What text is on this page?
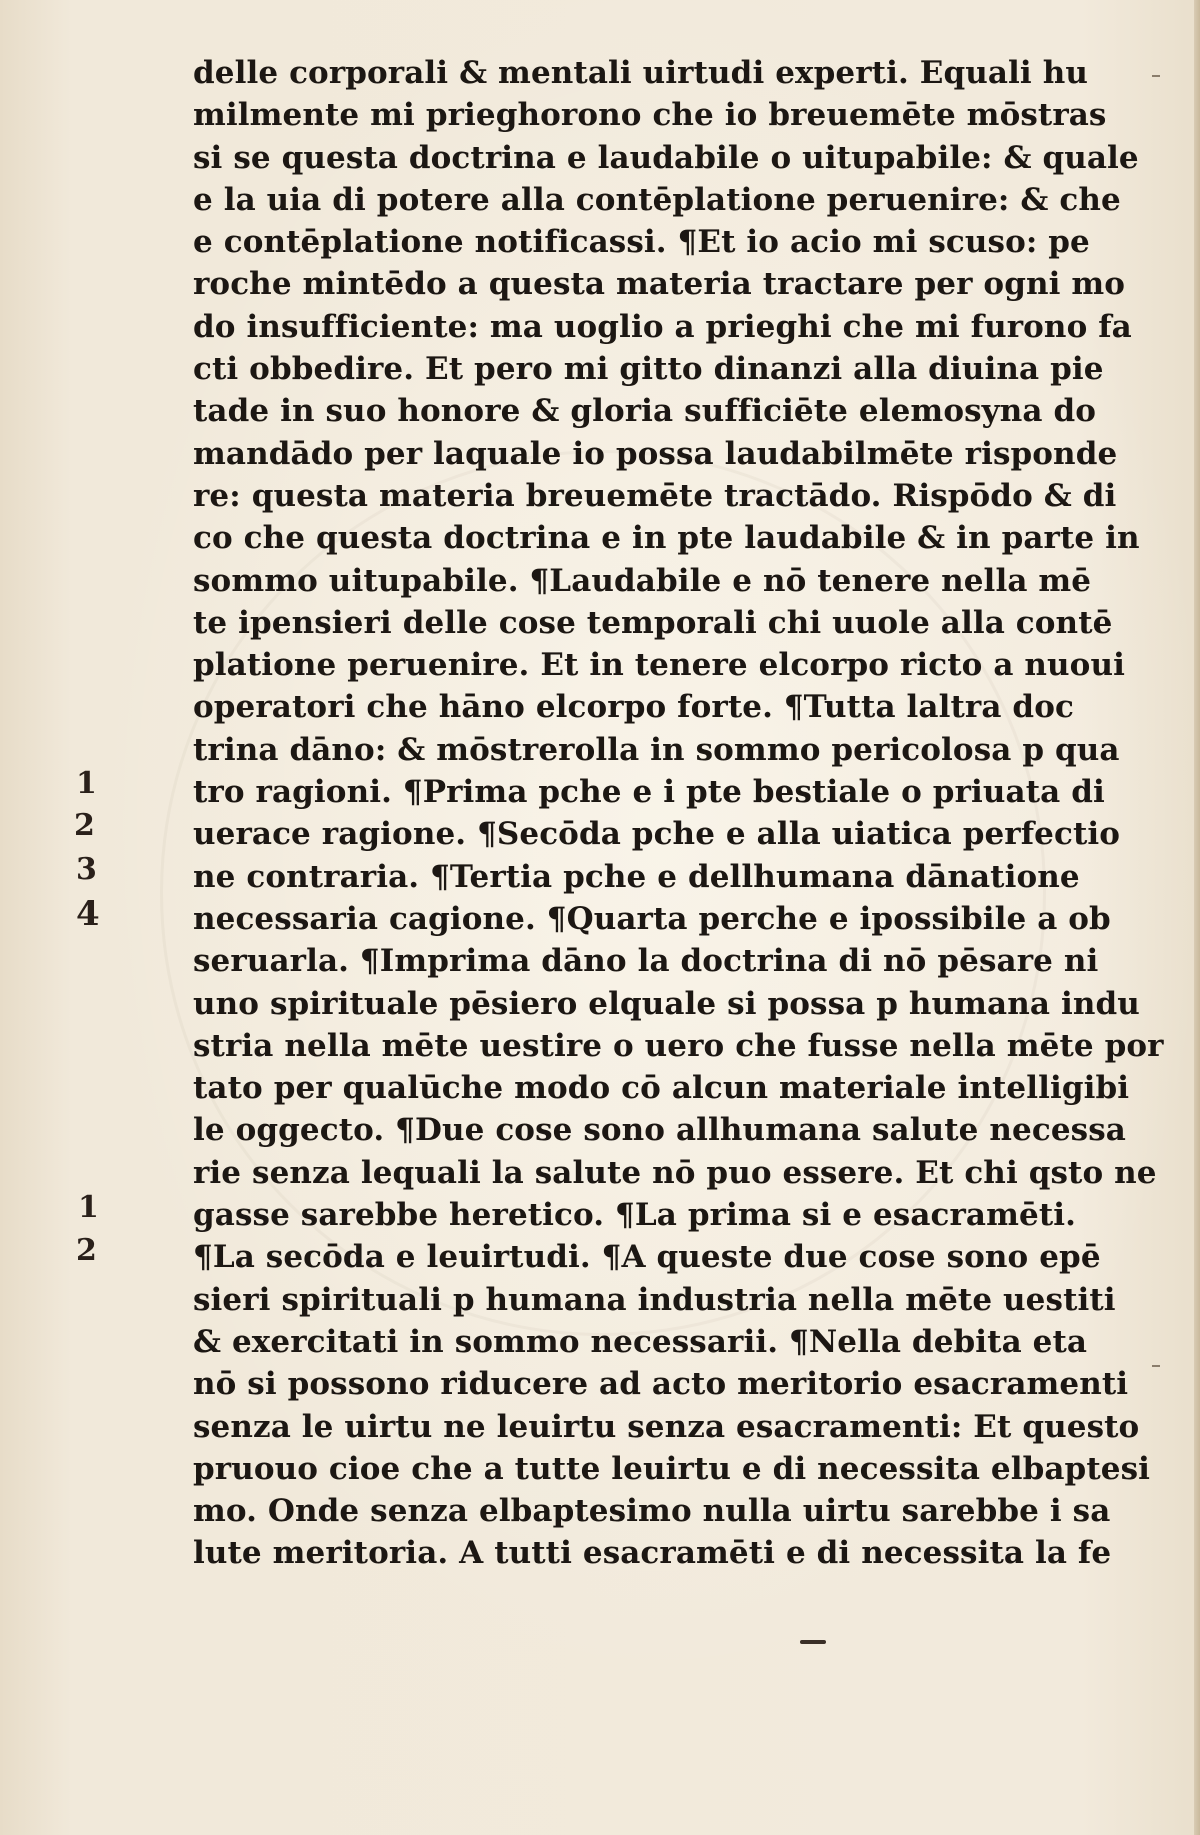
delle corporali & mentali uirtudi experti. Equali hu
milmente mi prieghorono che io breuemēte mōstras
si se questa doctrina e laudabile o uitupabile: & quale
e la uia di potere alla contēplatione peruenire: & che
e contēplatione notificassi. ¶Et io acio mi scuso: pe
roche mintēdo a questa materia tractare per ogni mo
do insufficiente: ma uoglio a prieghi che mi furono fa
cti obbedire. Et pero mi gitto dinanzi alla diuina pie
tade in suo honore & gloria sufficiēte elemosyna do
mandādo per laquale io possa laudabilmēte risponde
re: questa materia breuemēte tractādo. Rispōdo & di
co che questa doctrina e in pte laudabile & in parte in
sommo uitupabile. ¶Laudabile e nō tenere nella mē
te ipensieri delle cose temporali chi uuole alla contē
platione peruenire. Et in tenere elcorpo ricto a nuoui
operatori che hāno elcorpo forte. ¶Tutta laltra doc
trina dāno: & mōstrerolla in sommo pericolosa p qua
tro ragioni. ¶Prima pche e i pte bestiale o priuata di
uerace ragione. ¶Secōda pche e alla uiatica perfectio
ne contraria. ¶Tertia pche e dellhumana dānatione
necessaria cagione. ¶Quarta perche e ipossibile a ob
seruarla. ¶Imprima dāno la doctrina di nō pēsare ni
uno spirituale pēsiero elquale si possa p humana indu
stria nella mēte uestire o uero che fusse nella mēte por
tato per qualūche modo cō alcun materiale intelligibi
le oggecto. ¶Due cose sono allhumana salute necessa
rie senza lequali la salute nō puo essere. Et chi qsto ne
gasse sarebbe heretico. ¶La prima si e esacramēti.
¶La secōda e leuirtudi. ¶A queste due cose sono epē
sieri spirituali p humana industria nella mēte uestiti
& exercitati in sommo necessarii. ¶Nella debita eta
nō si possono riducere ad acto meritorio esacramenti
senza le uirtu ne leuirtu senza esacramenti: Et questo
pruouo cioe che a tutte leuirtu e di necessita elbaptesi
mo. Onde senza elbaptesimo nulla uirtu sarebbe i sa
lute meritoria. A tutti esacramēti e di necessita la fe
1
2
3
4
1
2
